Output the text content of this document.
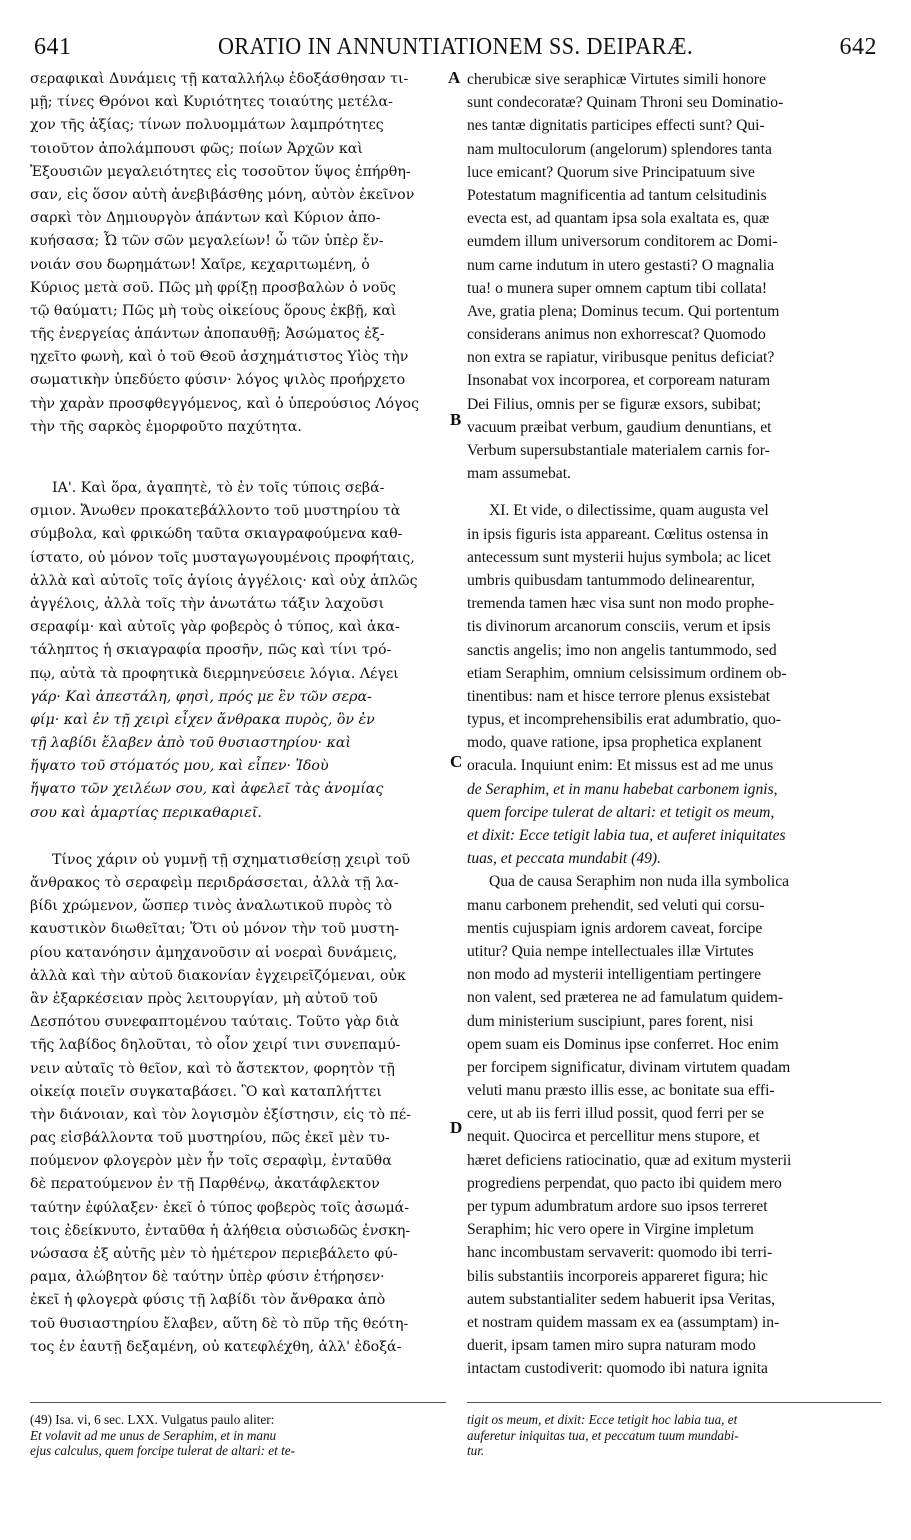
641	ORATIO IN ANNUNTIATIONEM SS. DEIPARÆ.	642
σεραφικαὶ Δυνάμεις τῇ καταλλήλῳ ἐδοξάσθησαν τι-
μῇ; τίνες Θρόνοι καὶ Κυριότητες τοιαύτης μετέλα-
χον τῆς ἀξίας; τίνων πολυομμάτων λαμπρότητες
τοιοῦτον ἀπολάμπουσι φῶς; ποίων Ἀρχῶν καὶ
Ἐξουσιῶν μεγαλειότητες εἰς τοσοῦτον ὕψος ἐπήρθη-
σαν, εἰς ὅσον αὐτὴ ἀνεβιβάσθης μόνη, αὐτὸν ἐκεῖνον
σαρκὶ τὸν Δημιουργὸν ἁπάντων καὶ Κύριον ἀπο-
κυήσασα; Ὦ τῶν σῶν μεγαλείων! ὦ τῶν ὑπὲρ ἔν-
νοιάν σου δωρημάτων! Χαῖρε, κεχαριτωμένη, ὁ
Κύριος μετὰ σοῦ. Πῶς μὴ φρίξῃ προσβαλὼν ὁ νοῦς
τῷ θαύματι; Πῶς μὴ τοὺς οἰκείους ὅρους ἐκβῇ, καὶ
τῆς ἐνεργείας ἁπάντων ἀποπαυθῇ; Ἀσώματος ἐξ-
ηχεῖτο φωνὴ, καὶ ὁ τοῦ Θεοῦ ἀσχημάτιστος Υἱὸς τὴν
σωματικὴν ὑπεδύετο φύσιν· λόγος ψιλὸς προήρχετο
τὴν χαρὰν προσφθεγγόμενος, καὶ ὁ ὑπερούσιος Λόγος
τὴν τῆς σαρκὸς ἐμορφοῦτο παχύτητα.
ΙΑ'. Καὶ ὅρα, ἀγαπητὲ, τὸ ἐν τοῖς τύποις σεβά-
σμιον. Ἄνωθεν προκατεβάλλοντο τοῦ μυστηρίου τὰ
σύμβολα, καὶ φρικώδη ταῦτα σκιαγραφούμενα καθ-
ίστατο, οὐ μόνον τοῖς μυσταγωγουμένοις προφήταις,
ἀλλὰ καὶ αὐτοῖς τοῖς ἁγίοις ἀγγέλοις· καὶ οὐχ ἁπλῶς
ἀγγέλοις, ἀλλὰ τοῖς τὴν ἀνωτάτω τάξιν λαχοῦσι
σεραφίμ· καὶ αὐτοῖς γὰρ φοβερὸς ὁ τύπος, καὶ ἀκα-
τάληπτος ἡ σκιαγραφία προσῆν, πῶς καὶ τίνι τρό-
πῳ, αὐτὰ τὰ προφητικὰ διερμηνεύσειε λόγια. Λέγει
γάρ· Καὶ ἀπεστάλη, φησὶ, πρός με ἓν τῶν σερα-
φίμ· καὶ ἐν τῇ χειρὶ εἶχεν ἄνθρακα πυρὸς, ὃν ἐν
τῇ λαβίδι ἔλαβεν ἀπὸ τοῦ θυσιαστηρίου· καὶ
ἥψατο τοῦ στόματός μου, καὶ εἶπεν· Ἰδοὺ
ἥψατο τῶν χειλέων σου, καὶ ἀφελεῖ τὰς ἀνομίας
σου καὶ ἁμαρτίας περικαθαριεῖ.
Τίνος χάριν οὐ γυμνῇ τῇ σχηματισθείσῃ χειρὶ τοῦ
ἄνθρακος τὸ σεραφεὶμ περιδράσσεται, ἀλλὰ τῇ λα-
βίδι χρώμενον, ὥσπερ τινὸς ἀναλωτικοῦ πυρὸς τὸ
καυστικὸν διωθεῖται; Ὅτι οὐ μόνον τὴν τοῦ μυστη-
ρίου κατανόησιν ἀμηχανοῦσιν αἱ νοεραὶ δυνάμεις,
ἀλλὰ καὶ τὴν αὐτοῦ διακονίαν ἐγχειρεῖζόμεναι, οὐκ
ἂν ἐξαρκέσειαν πρὸς λειτουργίαν, μὴ αὐτοῦ τοῦ
Δεσπότου συνεφαπτομένου ταύταις. Τοῦτο γὰρ διὰ
τῆς λαβίδος δηλοῦται, τὸ οἷον χειρί τινι συνεπαμύ-
νειν αὐταῖς τὸ θεῖον, καὶ τὸ ἄστεκτον, φορητὸν τῇ
οἰκείᾳ ποιεῖν συγκαταβάσει. Ὃ καὶ καταπλήττει
τὴν διάνοιαν, καὶ τὸν λογισμὸν ἐξίστησιν, εἰς τὸ πέ-
ρας εἰσβάλλοντα τοῦ μυστηρίου, πῶς ἐκεῖ μὲν τυ-
πούμενον φλογερὸν μὲν ἦν τοῖς σεραφὶμ, ἐνταῦθα
δὲ περατούμενον ἐν τῇ Παρθένῳ, ἀκατάφλεκτον
ταύτην ἐφύλαξεν· ἐκεῖ ὁ τύπος φοβερὸς τοῖς ἀσωμά-
τοις ἐδείκνυτο, ἐνταῦθα ἡ ἀλήθεια οὐσιωδῶς ἐνσκη-
νώσασα ἐξ αὐτῆς μὲν τὸ ἡμέτερον περιεβάλετο φύ-
ραμα, ἀλώβητον δὲ ταύτην ὑπὲρ φύσιν ἐτήρησεν·
ἐκεῖ ἡ φλογερὰ φύσις τῇ λαβίδι τὸν ἄνθρακα ἀπὸ
τοῦ θυσιαστηρίου ἔλαβεν, αὕτη δὲ τὸ πῦρ τῆς θεότη-
τος ἐν ἑαυτῇ δεξαμένη, οὐ κατεφλέχθη, ἀλλ' ἐδοξά-
cherubicæ sive seraphicæ Virtutes simili honore
sunt condecoratæ? Quinam Throni seu Dominatio-
nes tantæ dignitatis participes effecti sunt? Qui-
nam multoculorum (angelorum) splendores tanta
luce emicant? Quorum sive Principatuum sive
Potestatum magnificentia ad tantum celsitudinis
evecta est, ad quantam ipsa sola exaltata es, quæ
eumdem illum universorum conditorem ac Domi-
num carne indutum in utero gestasti? O magnalia
tua! o munera super omnem captum tibi collata!
Ave, gratia plena; Dominus tecum. Qui portentum
considerans animus non exhorrescat? Quomodo
non extra se rapiatur, viribusque penitus deficiat?
Insonabat vox incorporea, et corpoream naturam
Dei Filius, omnis per se figuræ exsors, subibat;
vacuum præibat verbum, gaudium denuntians, et
Verbum supersubstantiale materialem carnis for-
mam assumebat.
XI. Et vide, o dilectissime, quam augusta vel
in ipsis figuris ista appareant. Cœlitus ostensa in
antecessum sunt mysterii hujus symbola; ac licet
umbris quibusdam tantummodo delinearentur,
tremenda tamen hæc visa sunt non modo prophe-
tis divinorum arcanorum consciis, verum et ipsis
sanctis angelis; imo non angelis tantummodo, sed
etiam Seraphim, omnium celsissimum ordinem ob-
tinentibus: nam et hisce terrore plenus exsistebat
typus, et incomprehensibilis erat adumbratio, quo-
modo, quave ratione, ipsa prophetica explanent
oracula. Inquiunt enim: Et missus est ad me unus
de Seraphim, et in manu habebat carbonem ignis,
quem forcipe tulerat de altari: et tetigit os meum,
et dixit: Ecce tetigit labia tua, et auferet iniquitates
tuas, et peccata mundabit (49).
Qua de causa Seraphim non nuda illa symbolica
manu carbonem prehendit, sed veluti qui corsu-
mentis cujuspiam ignis ardorem caveat, forcipe
utitur? Quia nempe intellectuales illæ Virtutes
non modo ad mysterii intelligentiam pertingere
non valent, sed præterea ne ad famulatum quidem-
dum ministerium suscipiunt, pares forent, nisi
opem suam eis Dominus ipse conferret. Hoc enim
per forcipem significatur, divinam virtutem quadam
veluti manu præsto illis esse, ac bonitate sua effi-
cere, ut ab iis ferri illud possit, quod ferri per se
nequit. Quocirca et percellitur mens stupore, et
hæret deficiens ratiocinatio, quæ ad exitum mysterii
progrediens perpendat, quo pacto ibi quidem mero
per typum adumbratum ardore suo ipsos terreret
Seraphim; hic vero opere in Virgine impletum
hanc incombustam servaverit: quomodo ibi terri-
bilis substantiis incorporeis appareret figura; hic
autem substantialiter sedem habuerit ipsa Veritas,
et nostram quidem massam ex ea (assumptam) in-
duerit, ipsam tamen miro supra naturam modo
intactam custodiverit: quomodo ibi natura ignita
A
B
C
D
(49) Isa. vi, 6 sec. LXX. Vulgatus paulo aliter:
Et volavit ad me unus de Seraphim, et in manu
ejus calculus, quem forcipe tulerat de altari: et te-
tigit os meum, et dixit: Ecce tetigit hoc labia tua, et
auferetur iniquitas tua, et peccatum tuum mundabi-
tur.
